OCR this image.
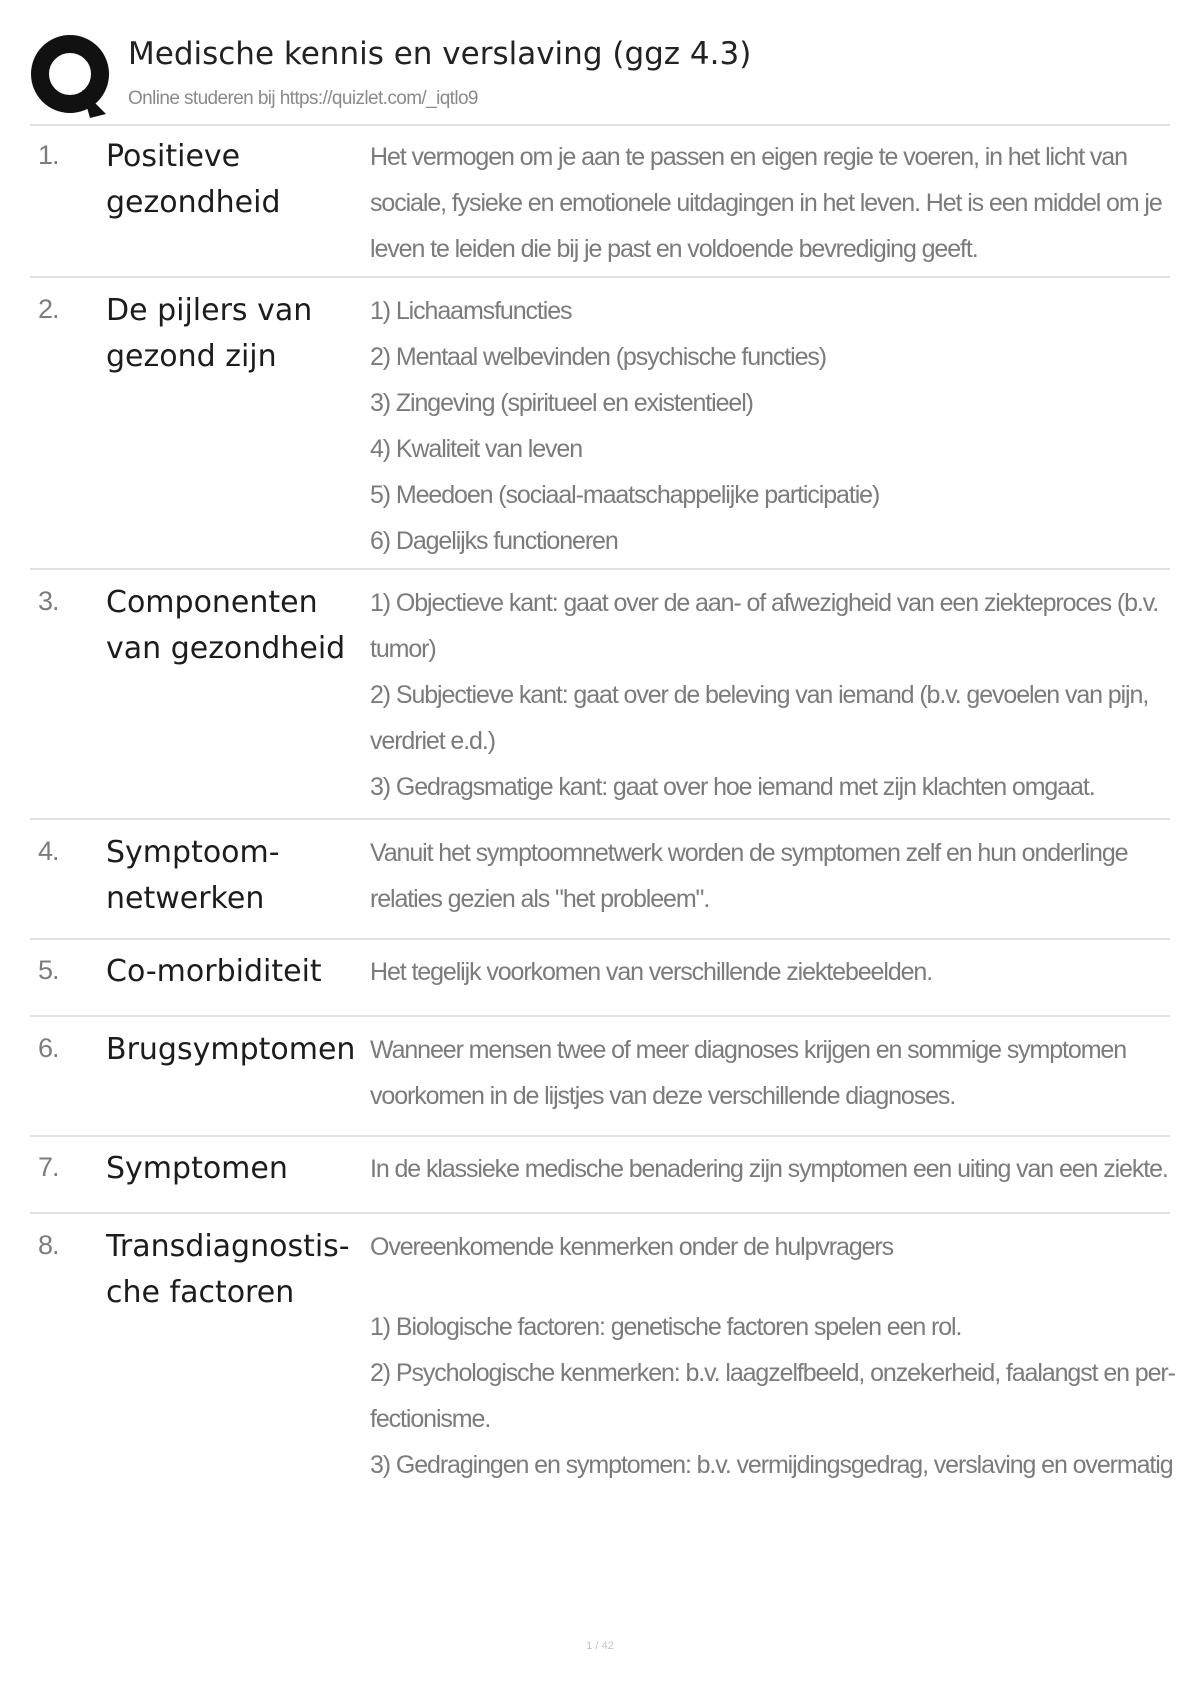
Medische kennis en verslaving (ggz 4.3)
Online studeren bij https://quizlet.com/_iqtlo9
1. Positieve
gezondheid
Het vermogen om je aan te passen en eigen regie te voeren, in het licht van
sociale, fysieke en emotionele uitdagingen in het leven. Het is een middel om je
leven te leiden die bij je past en voldoende bevrediging geeft.
2. De pijlers van
gezond zijn
1) Lichaamsfuncties
2) Mentaal welbevinden (psychische functies)
3) Zingeving (spiritueel en existentieel)
4) Kwaliteit van leven
5) Meedoen (sociaal-maatschappelijke participatie)
6) Dagelijks functioneren
3. Componenten
van gezondheid
1) Objectieve kant: gaat over de aan- of afwezigheid van een ziekteproces (b.v.
tumor)
2) Subjectieve kant: gaat over de beleving van iemand (b.v. gevoelen van pijn,
verdriet e.d.)
3) Gedragsmatige kant: gaat over hoe iemand met zijn klachten omgaat.
4. Symptoom-
netwerken
Vanuit het symptoomnetwerk worden de symptomen zelf en hun onderlinge
relaties gezien als "het probleem".
5. Co-morbiditeit	Het tegelijk voorkomen van verschillende ziektebeelden.
6. Brugsymptomen Wanneer mensen twee of meer diagnoses krijgen en sommige symptomen
voorkomen in de lijstjes van deze verschillende diagnoses.
7. Symptomen	In de klassieke medische benadering zijn symptomen een uiting van een ziekte.
8. Transdiagnostis-
che factoren
Overeenkomende kenmerken onder de hulpvragers

1) Biologische factoren: genetische factoren spelen een rol.
2) Psychologische kenmerken: b.v. laagzelfbeeld, onzekerheid, faalangst en per-
fectionisme.
3) Gedragingen en symptomen: b.v. vermijdingsgedrag, verslaving en overmatig
1 / 42
